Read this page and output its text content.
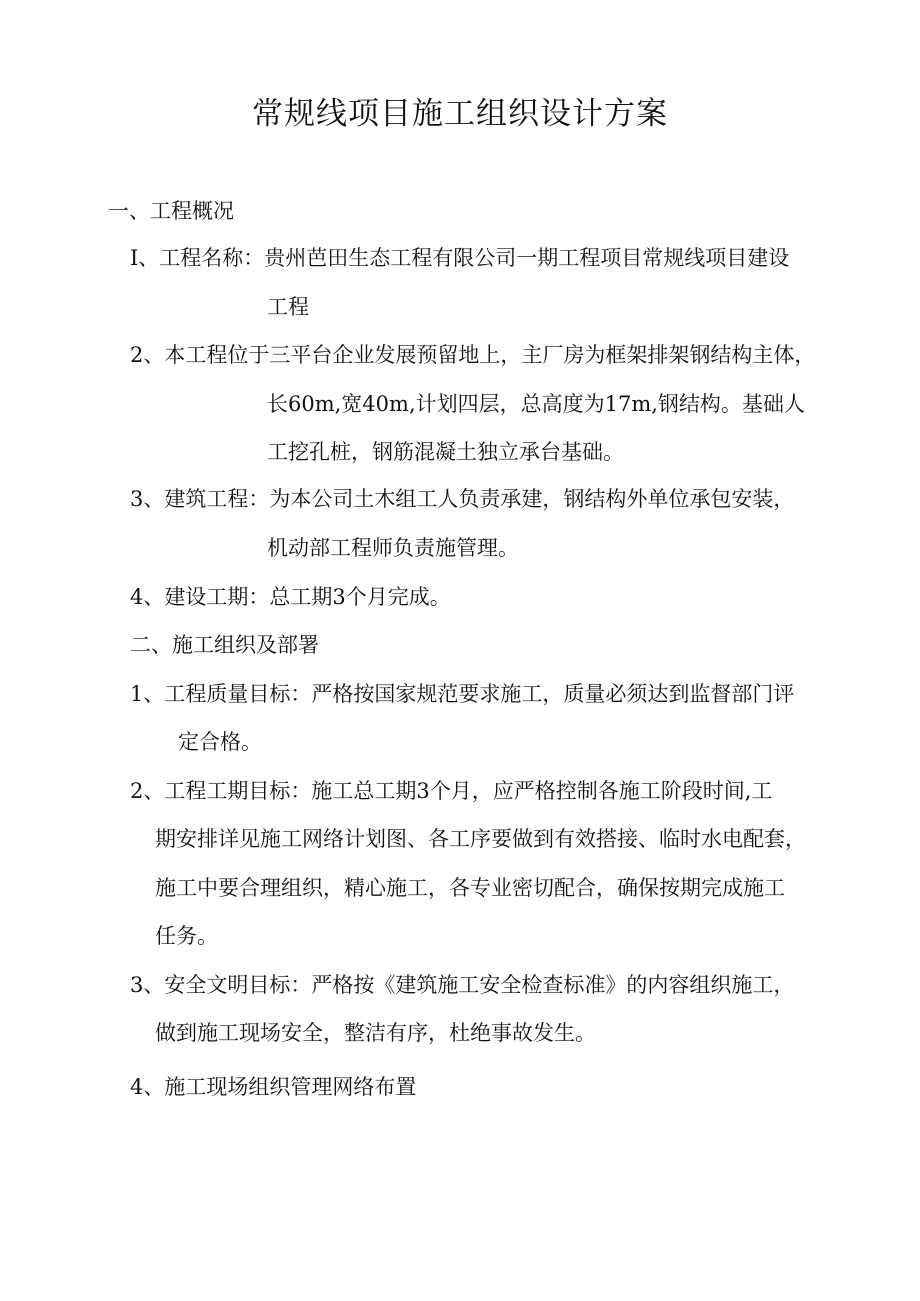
常规线项目施工组织设计方案
一、工程概况
I、工程名称：贵州芭田生态工程有限公司一期工程项目常规线项目建设
工程
2、本工程位于三平台企业发展预留地上，主厂房为框架排架钢结构主体，
长60m,宽40m,计划四层，总高度为17m,钢结构。基础人
工挖孔桩，钢筋混凝土独立承台基础。
3、建筑工程：为本公司土木组工人负责承建，钢结构外单位承包安装，
机动部工程师负责施管理。
4、建设工期：总工期3个月完成。
二、施工组织及部署
1、工程质量目标：严格按国家规范要求施工，质量必须达到监督部门评
定合格。
2、工程工期目标：施工总工期3个月，应严格控制各施工阶段时间,工
期安排详见施工网络计划图、各工序要做到有效搭接、临时水电配套，
施工中要合理组织，精心施工，各专业密切配合，确保按期完成施工
任务。
3、安全文明目标：严格按《建筑施工安全检查标准》的内容组织施工，
做到施工现场安全，整洁有序，杜绝事故发生。
4、施工现场组织管理网络布置
